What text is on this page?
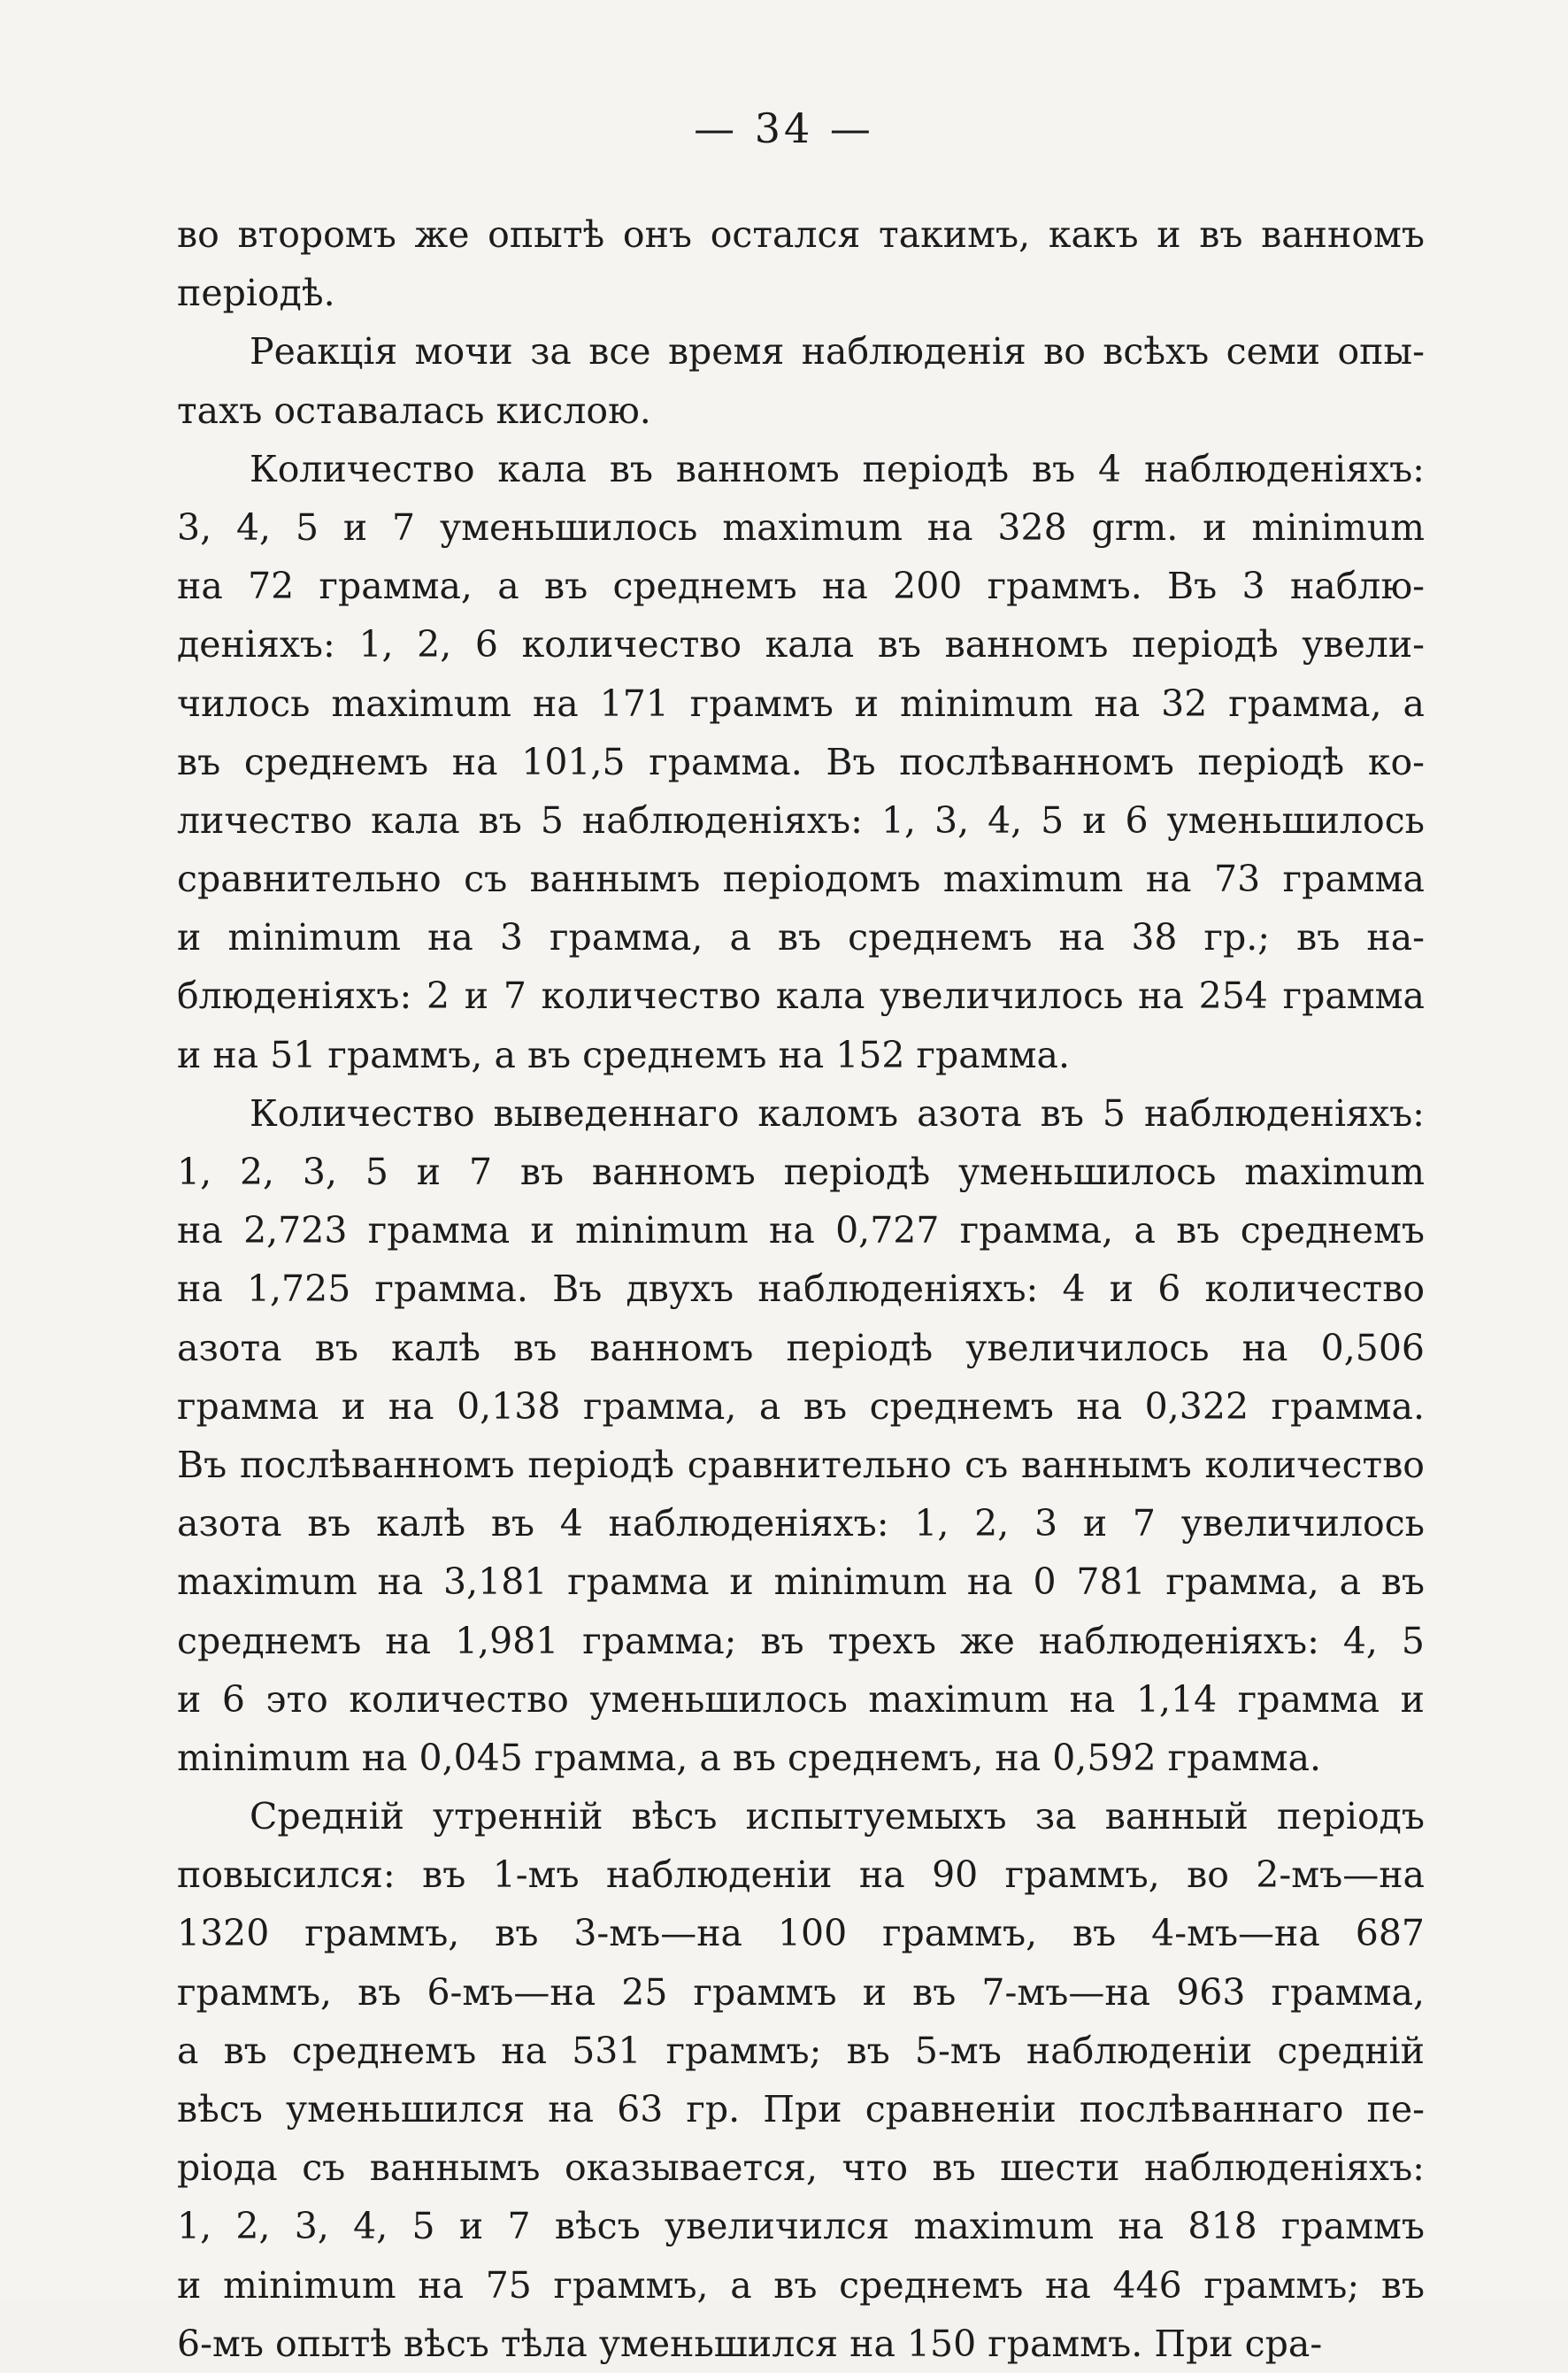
— 34 —
во второмъ же опытѣ онъ остался такимъ, какъ и въ ванномъ
періодѣ.
Реакція мочи за все время наблюденія во всѣхъ семи опы-
тахъ оставалась кислою.
Количество кала въ ванномъ періодѣ въ 4 наблюденіяхъ:
3, 4, 5 и 7 уменьшилось maximum на 328 grm. и minimum
на 72 грамма, а въ среднемъ на 200 граммъ. Въ 3 наблю-
деніяхъ: 1, 2, 6 количество кала въ ванномъ періодѣ увели-
чилось maximum на 171 граммъ и minimum на 32 грамма, а
въ среднемъ на 101,5 грамма. Въ послѣванномъ періодѣ ко-
личество кала въ 5 наблюденіяхъ: 1, 3, 4, 5 и 6 уменьшилось
сравнительно съ ваннымъ періодомъ maximum на 73 грамма
и minimum на 3 грамма, а въ среднемъ на 38 гр.; въ на-
блюденіяхъ: 2 и 7 количество кала увеличилось на 254 грамма
и на 51 граммъ, а въ среднемъ на 152 грамма.
Количество выведеннаго каломъ азота въ 5 наблюденіяхъ:
1, 2, 3, 5 и 7 въ ванномъ періодѣ уменьшилось maximum
на 2,723 грамма и minimum на 0,727 грамма, а въ среднемъ
на 1,725 грамма. Въ двухъ наблюденіяхъ: 4 и 6 количество
азота въ калѣ въ ванномъ періодѣ увеличилось на 0,506
грамма и на 0,138 грамма, а въ среднемъ на 0,322 грамма.
Въ послѣванномъ періодѣ сравнительно съ ваннымъ количество
азота въ калѣ въ 4 наблюденіяхъ: 1, 2, 3 и 7 увеличилось
maximum на 3,181 грамма и minimum на 0 781 грамма, а въ
среднемъ на 1,981 грамма; въ трехъ же наблюденіяхъ: 4, 5
и 6 это количество уменьшилось maximum на 1,14 грамма и
minimum на 0,045 грамма, а въ среднемъ, на 0,592 грамма.
Средній утренній вѣсъ испытуемыхъ за ванный періодъ
повысился: въ 1-мъ наблюденіи на 90 граммъ, во 2-мъ—на
1320 граммъ, въ 3-мъ—на 100 граммъ, въ 4-мъ—на 687
граммъ, въ 6-мъ—на 25 граммъ и въ 7-мъ—на 963 грамма,
а въ среднемъ на 531 граммъ; въ 5-мъ наблюденіи средній
вѣсъ уменьшился на 63 гр. При сравненіи послѣваннаго пе-
ріода съ ваннымъ оказывается, что въ шести наблюденіяхъ:
1, 2, 3, 4, 5 и 7 вѣсъ увеличился maximum на 818 граммъ
и minimum на 75 граммъ, а въ среднемъ на 446 граммъ; въ
6-мъ опытѣ вѣсъ тѣла уменьшился на 150 граммъ. При сра-
